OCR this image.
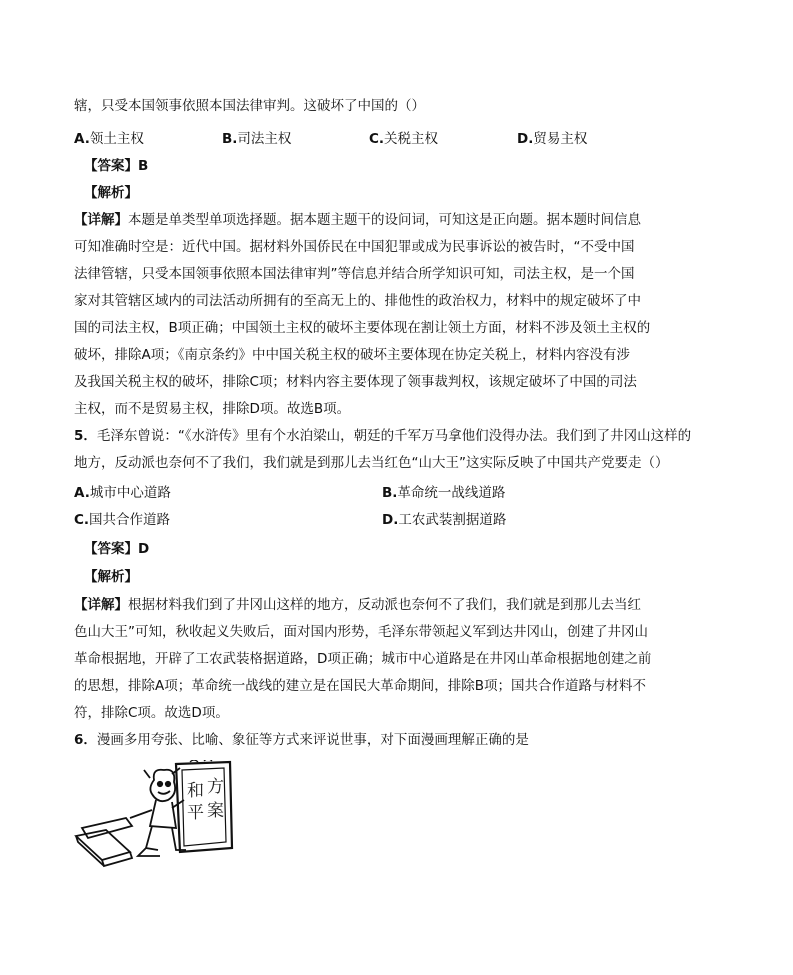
辖，只受本国领事依照本国法律审判。这破坏了中国的（）
A.领土主权	B.司法主权	C.关税主权	D.贸易主权
【答案】B
【解析】
【详解】本题是单类型单项选择题。据本题主题干的设问词，可知这是正向题。据本题时间信息
可知准确时空是：近代中国。据材料外国侨民在中国犯罪或成为民事诉讼的被告时，“不受中国
法律管辖，只受本国领事依照本国法律审判”等信息并结合所学知识可知，司法主权，是一个国
家对其管辖区域内的司法活动所拥有的至高无上的、排他性的政治权力，材料中的规定破坏了中
国的司法主权，B项正确；中国领土主权的破坏主要体现在割让领土方面，材料不涉及领土主权的
破坏，排除A项；《南京条约》中中国关税主权的破坏主要体现在协定关税上，材料内容没有涉
及我国关税主权的破坏，排除C项；材料内容主要体现了领事裁判权，该规定破坏了中国的司法
主权，而不是贸易主权，排除D项。故选B项。
5．毛泽东曾说：“《水浒传》里有个水泊梁山，朝廷的千军万马拿他们没得办法。我们到了井冈山这样的
地方，反动派也奈何不了我们，我们就是到那儿去当红色“山大王”这实际反映了中国共产党要走（）
A.城市中心道路	B.革命统一战线道路
C.国共合作道路	D.工农武装割据道路
【答案】D
【解析】
【详解】根据材料我们到了井冈山这样的地方，反动派也奈何不了我们，我们就是到那儿去当红
色山大王”可知，秋收起义失败后，面对国内形势，毛泽东带领起义军到达井冈山，创建了井冈山
革命根据地，开辟了工农武装格据道路，D项正确；城市中心道路是在井冈山革命根据地创建之前
的思想，排除A项；革命统一战线的建立是在国民大革命期间，排除B项；国共合作道路与材料不
符，排除C项。故选D项。
6．漫画多用夸张、比喻、象征等方式来评说世事，对下面漫画理解正确的是
和 方
平 案
